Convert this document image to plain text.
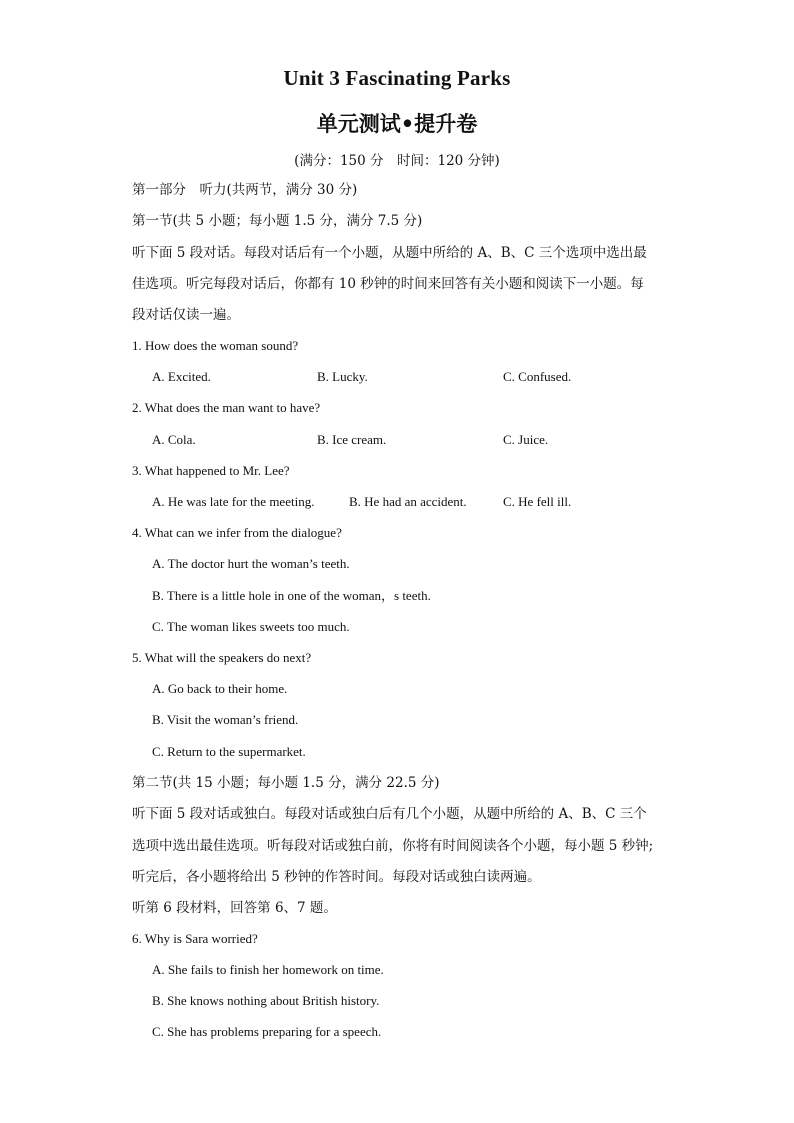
Unit 3 Fascinating Parks
单元测试•提升卷
(满分：150 分　时间：120 分钟)
第一部分　听力(共两节，满分 30 分)
第一节(共 5 小题；每小题 1.5 分，满分 7.5 分)
听下面 5 段对话。每段对话后有一个小题，从题中所给的 A、B、C 三个选项中选出最
佳选项。听完每段对话后，你都有 10 秒钟的时间来回答有关小题和阅读下一小题。每
段对话仅读一遍。
1. How does the woman sound?
A. Excited.	B. Lucky.	C. Confused.
2. What does the man want to have?
A. Cola.	B. Ice cream.	C. Juice.
3. What happened to Mr. Lee?
A. He was late for the meeting.	B. He had an accident.	C. He fell ill.
4. What can we infer from the dialogue?
A. The doctor hurt the woman’s teeth.
B. There is a little hole in one of the woman，s teeth.
C. The woman likes sweets too much.
5. What will the speakers do next?
A. Go back to their home.
B. Visit the woman’s friend.
C. Return to the supermarket.
第二节(共 15 小题；每小题 1.5 分，满分 22.5 分)
听下面 5 段对话或独白。每段对话或独白后有几个小题，从题中所给的 A、B、C 三个
选项中选出最佳选项。听每段对话或独白前，你将有时间阅读各个小题，每小题 5 秒钟;
听完后，各小题将给出 5 秒钟的作答时间。每段对话或独白读两遍。
听第 6 段材料，回答第 6、7 题。
6. Why is Sara worried?
A. She fails to finish her homework on time.
B. She knows nothing about British history.
C. She has problems preparing for a speech.
